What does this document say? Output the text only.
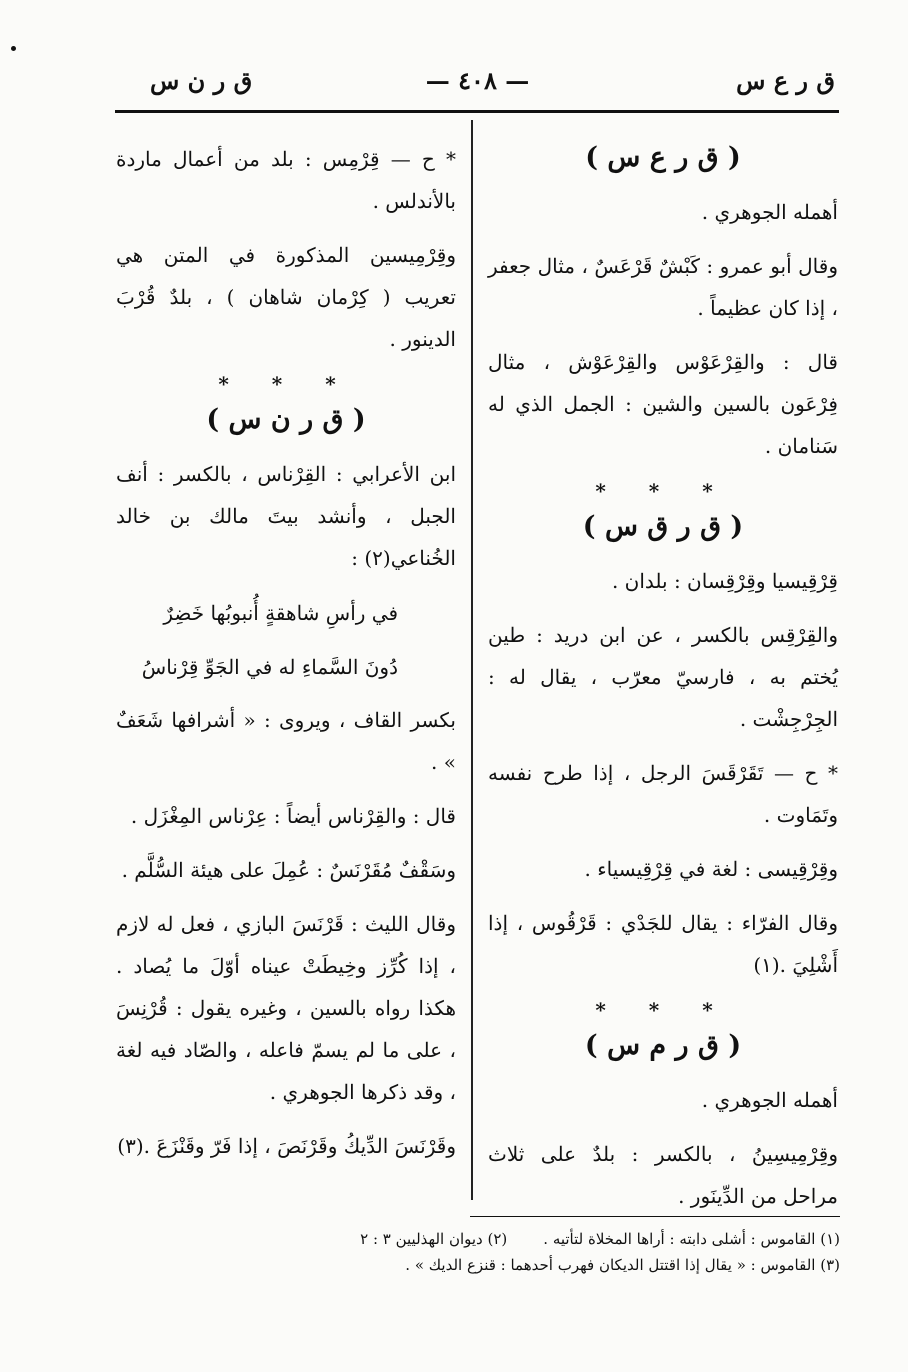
ق ر ع س
— ٤٠٨ —
ق ر ن س
( ق ر ع س )

أهمله الجوهري .

وقال أبو عمرو : كَبْشٌ قَرْعَسٌ ، مثال جعفر ، إذا كان عظيماً .

قال : والقِرْعَوْس والقِرْعَوْش ، مثال فِرْعَون بالسين والشين : الجمل الذي له سَنامان .

* * *
( ق ر ق س )

قِرْقِيسيا وقِرْقِسان : بلدان .

والقِرْقِس بالكسر ، عن ابن دريد : طين يُختم به ، فارسيّ معرّب ، يقال له : الجِرْجِشْت .

* ح — تَقَرْقَسَ الرجل ، إذا طرح نفسه وتَمَاوت .

وقِرْقِيسى : لغة في قِرْقِيسياء .

وقال الفرّاء : يقال للجَدْي : قَرْقُوس ، إذا أَشْلِيَ .(١)

* * *
( ق ر م س )

أهمله الجوهري .

وقِرْمِيسِينُ ، بالكسر : بلدٌ على ثلاث مراحل من الدِّينَور .

* ح — قِرْمِس : بلد من أعمال ماردة بالأندلس .

وقِرْمِيسين المذكورة في المتن هي تعريب ( كِرْمان شاهان ) ، بلدٌ قُرْبَ الدينور .

* * *
( ق ر ن س )

ابن الأعرابي : القِرْناس ، بالكسر : أنف الجبل ، وأنشد بيتَ مالك بن خالد الخُناعي(٢) :

في رأسِ شاهقةٍ أُنبوبُها خَضِرٌ
دُونَ السَّماءِ له في الجَوِّ قِرْناسُ

بكسر القاف ، ويروى : « أشرافها شَعَفٌ » .

قال : والقِرْناس أيضاً : عِرْناس المِغْزَل .

وسَقْفٌ مُقَرْنَسٌ : عُمِلَ على هيئة السُّلَّم .

وقال الليث : قَرْنَسَ البازي ، فعل له لازم ، إذا كُرِّز وخِيطَتْ عيناه أوّلَ ما يُصاد . هكذا رواه بالسين ، وغيره يقول : قُرْنِسَ ، على ما لم يسمّ فاعله ، والصّاد فيه لغة ، وقد ذكرها الجوهري .

وقَرْنَسَ الدِّيكُ وقَرْنَصَ ، إذا فَرّ وقَنْزَعَ .(٣)

(١) القاموس : أشلى دابته : أراها المخلاة لتأتيه .
(٢) ديوان الهذليين ٣ : ٢
(٣) القاموس : « يقال إذا اقتتل الديكان فهرب أحدهما : قنزع الديك » .
